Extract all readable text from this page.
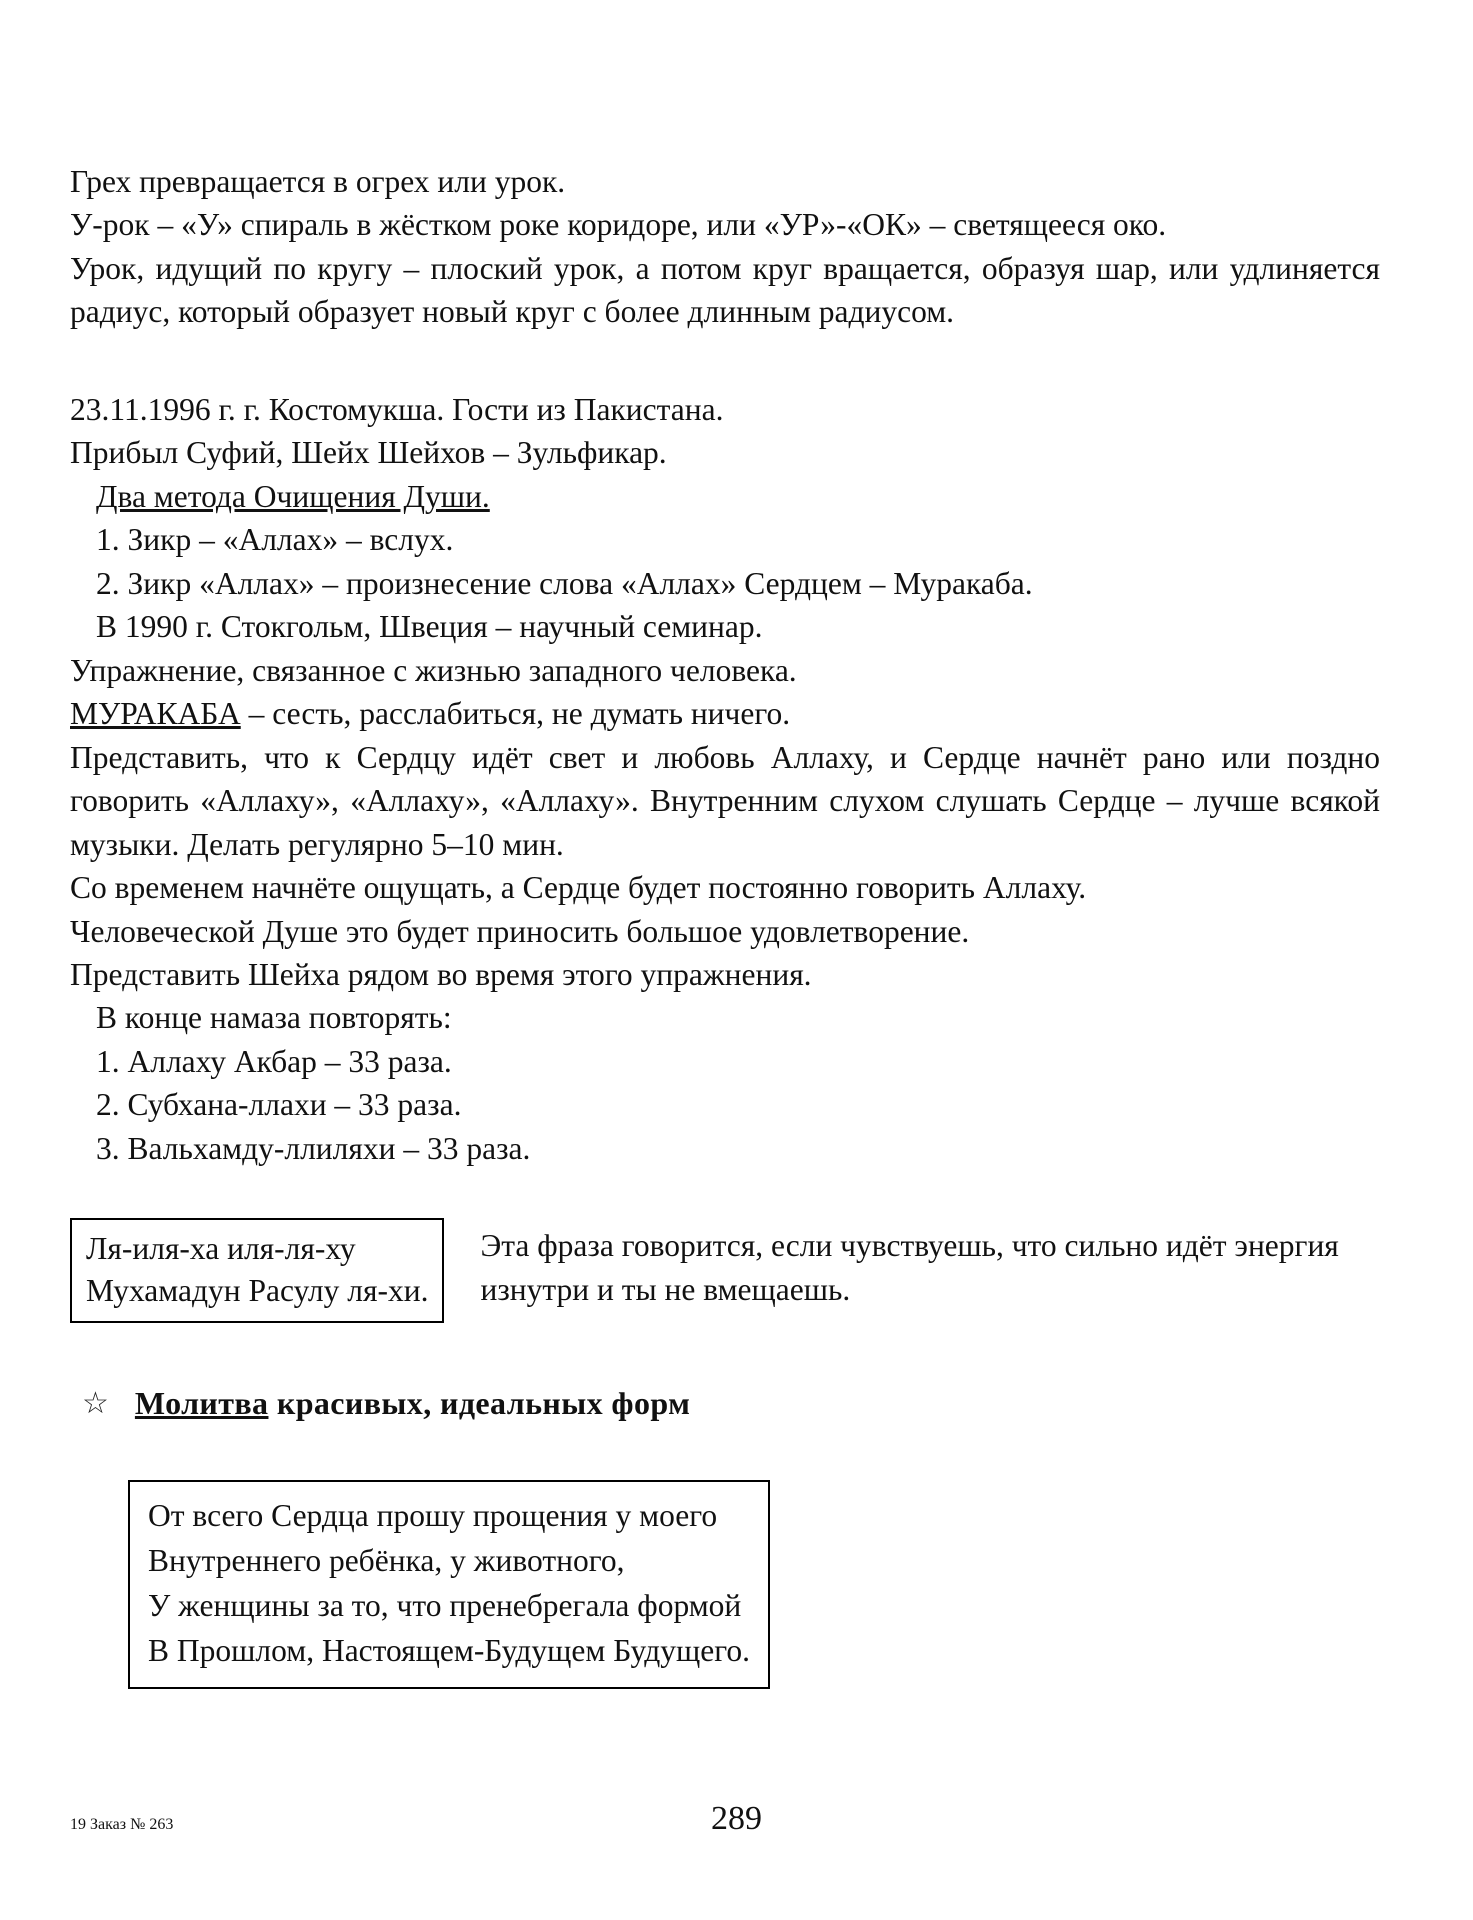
Грех превращается в огрех или урок.

У-рок – «У» спираль в жёстком роке коридоре, или «УР»-«ОК» – светящееся око.

Урок, идущий по кругу – плоский урок, а потом круг вращается, образуя шар, или удлиняется радиус, который образует новый круг с более длинным радиусом.

23.11.1996 г. г. Костомукша. Гости из Пакистана.

Прибыл Суфий, Шейх Шейхов – Зульфикар.

Два метода Очищения Души.

1. Зикр – «Аллах» – вслух.

2. Зикр «Аллах» – произнесение слова «Аллах» Сердцем – Муракаба.

В 1990 г. Стокгольм, Швеция – научный семинар.

Упражнение, связанное с жизнью западного человека.

МУРАКАБА – сесть, расслабиться, не думать ничего.

Представить, что к Сердцу идёт свет и любовь Аллаху, и Сердце начнёт рано или поздно говорить «Аллаху», «Аллаху», «Аллаху». Внутренним слухом слушать Сердце – лучше всякой музыки. Делать регулярно 5–10 мин.

Со временем начнёте ощущать, а Сердце будет постоянно говорить Аллаху.

Человеческой Душе это будет приносить большое удовлетворение.

Представить Шейха рядом во время этого упражнения.

В конце намаза повторять:

1. Аллаху Акбар – 33 раза.

2. Субхана-ллахи – 33 раза.

3. Вальхамду-ллиляхи – 33 раза.

Ля-иля-ха иля-ля-ху
Мухамадун Расулу ля-хи.
Эта фраза говорится, если чувствуешь, что сильно идёт энергия изнутри и ты не вмещаешь.
☆ Молитва красивых, идеальных форм
От всего Сердца прошу прощения у моего
Внутреннего ребёнка, у животного,
У женщины за то, что пренебрегала формой
В Прошлом, Настоящем-Будущем Будущего.
19 Заказ № 263	289
